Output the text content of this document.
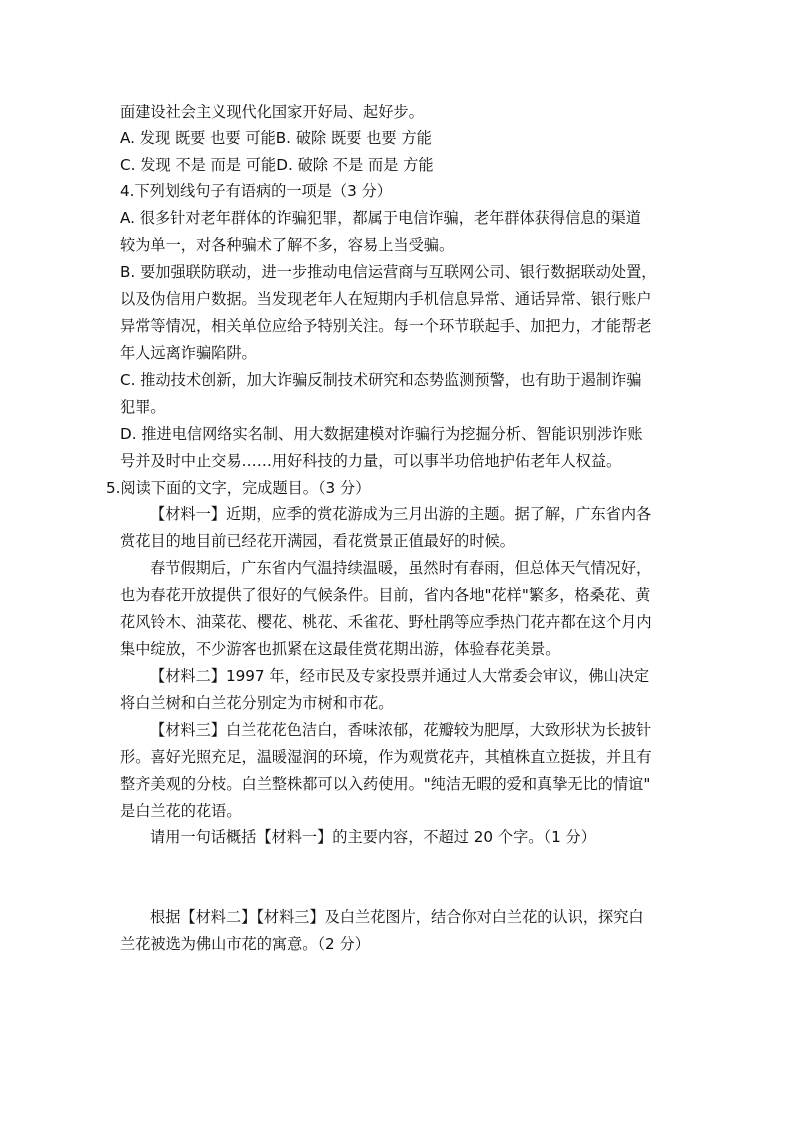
面建设社会主义现代化国家开好局、起好步。
A. 发现 既要 也要 可能B. 破除 既要 也要 方能
C. 发现 不是 而是 可能D. 破除 不是 而是 方能
4.下列划线句子有语病的一项是（3 分）
A. 很多针对老年群体的诈骗犯罪，都属于电信诈骗，老年群体获得信息的渠道
较为单一，对各种骗术了解不多，容易上当受骗。
B. 要加强联防联动，进一步推动电信运营商与互联网公司、银行数据联动处置，
以及伪信用户数据。当发现老年人在短期内手机信息异常、通话异常、银行账户
异常等情况，相关单位应给予特别关注。每一个环节联起手、加把力，才能帮老
年人远离诈骗陷阱。
C. 推动技术创新，加大诈骗反制技术研究和态势监测预警，也有助于遏制诈骗
犯罪。
D. 推进电信网络实名制、用大数据建模对诈骗行为挖掘分析、智能识别涉诈账
号并及时中止交易……用好科技的力量，可以事半功倍地护佑老年人权益。
5.阅读下面的文字，完成题目。（3 分）
【材料一】近期，应季的赏花游成为三月出游的主题。据了解，广东省内各
赏花目的地目前已经花开满园，看花赏景正值最好的时候。
春节假期后，广东省内气温持续温暖，虽然时有春雨，但总体天气情况好，
也为春花开放提供了很好的气候条件。目前，省内各地"花样"繁多，格桑花、黄
花风铃木、油菜花、樱花、桃花、禾雀花、野杜鹃等应季热门花卉都在这个月内
集中绽放，不少游客也抓紧在这最佳赏花期出游，体验春花美景。
【材料二】1997 年，经市民及专家投票并通过人大常委会审议，佛山决定
将白兰树和白兰花分别定为市树和市花。
【材料三】白兰花花色洁白，香味浓郁，花瓣较为肥厚，大致形状为长披针
形。喜好光照充足，温暖湿润的环境，作为观赏花卉，其植株直立挺拔，并且有
整齐美观的分枝。白兰整株都可以入药使用。"纯洁无暇的爱和真挚无比的情谊"
是白兰花的花语。
请用一句话概括【材料一】的主要内容，不超过 20 个字。（1 分）
根据【材料二】【材料三】及白兰花图片，结合你对白兰花的认识，探究白
兰花被选为佛山市花的寓意。（2 分）
